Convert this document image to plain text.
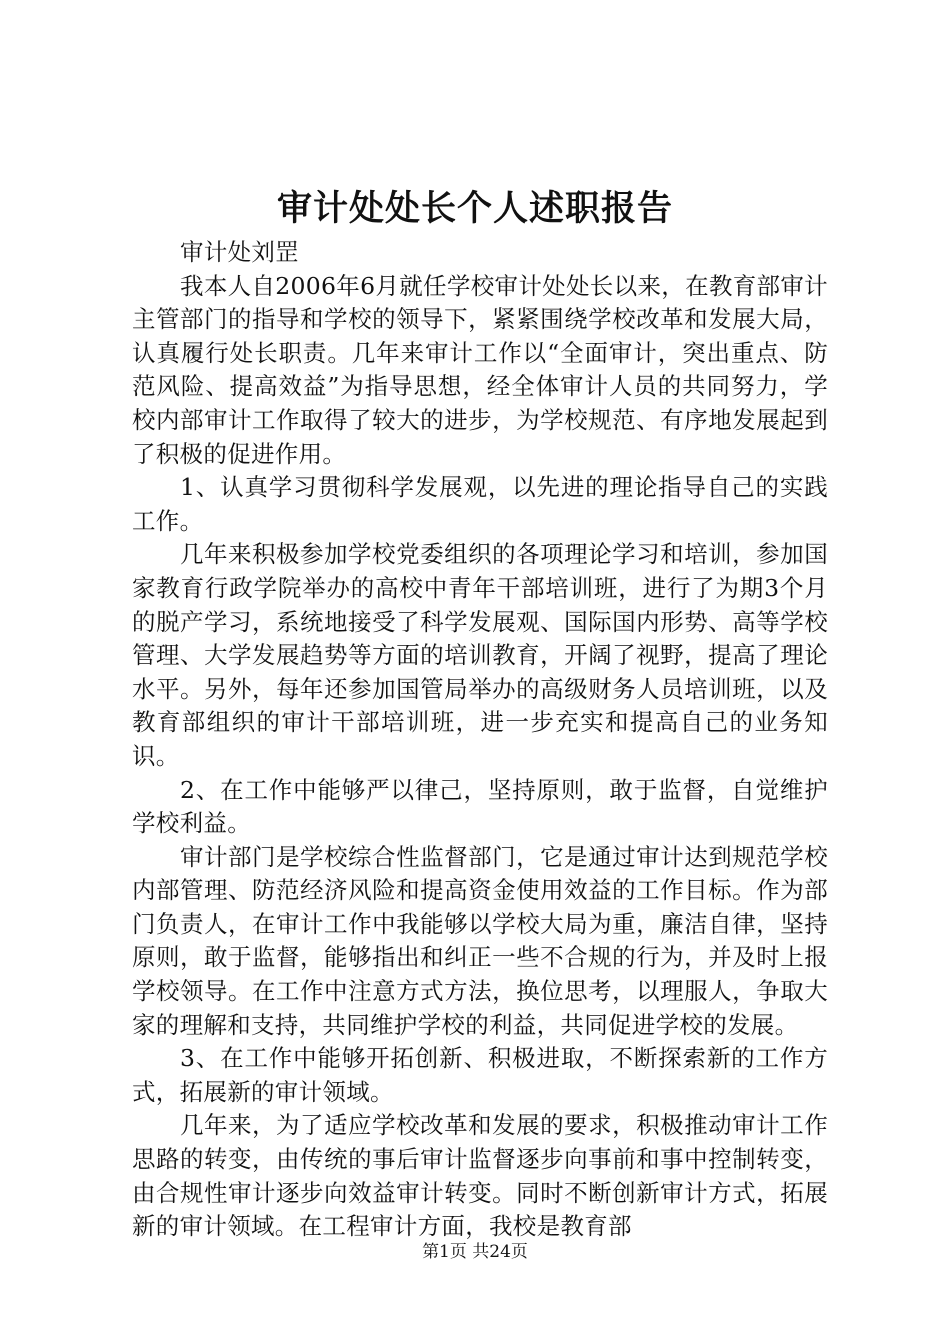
审计处处长个人述职报告

审计处刘罡

我本人自2006年6月就任学校审计处处长以来，在教育部审计主管部门的指导和学校的领导下，紧紧围绕学校改革和发展大局，认真履行处长职责。几年来审计工作以“全面审计，突出重点、防范风险、提高效益”为指导思想，经全体审计人员的共同努力，学校内部审计工作取得了较大的进步，为学校规范、有序地发展起到了积极的促进作用。

1、认真学习贯彻科学发展观，以先进的理论指导自己的实践工作。

几年来积极参加学校党委组织的各项理论学习和培训，参加国家教育行政学院举办的高校中青年干部培训班，进行了为期3个月的脱产学习，系统地接受了科学发展观、国际国内形势、高等学校管理、大学发展趋势等方面的培训教育，开阔了视野，提高了理论水平。另外，每年还参加国管局举办的高级财务人员培训班，以及教育部组织的审计干部培训班，进一步充实和提高自己的业务知识。

2、在工作中能够严以律己，坚持原则，敢于监督，自觉维护学校利益。

审计部门是学校综合性监督部门，它是通过审计达到规范学校内部管理、防范经济风险和提高资金使用效益的工作目标。作为部门负责人，在审计工作中我能够以学校大局为重，廉洁自律，坚持原则，敢于监督，能够指出和纠正一些不合规的行为，并及时上报学校领导。在工作中注意方式方法，换位思考，以理服人，争取大家的理解和支持，共同维护学校的利益，共同促进学校的发展。

3、在工作中能够开拓创新、积极进取，不断探索新的工作方式，拓展新的审计领域。

几年来，为了适应学校改革和发展的要求，积极推动审计工作思路的转变，由传统的事后审计监督逐步向事前和事中控制转变，由合规性审计逐步向效益审计转变。同时不断创新审计方式，拓展新的审计领域。在工程审计方面，我校是教育部

第1页 共24页
